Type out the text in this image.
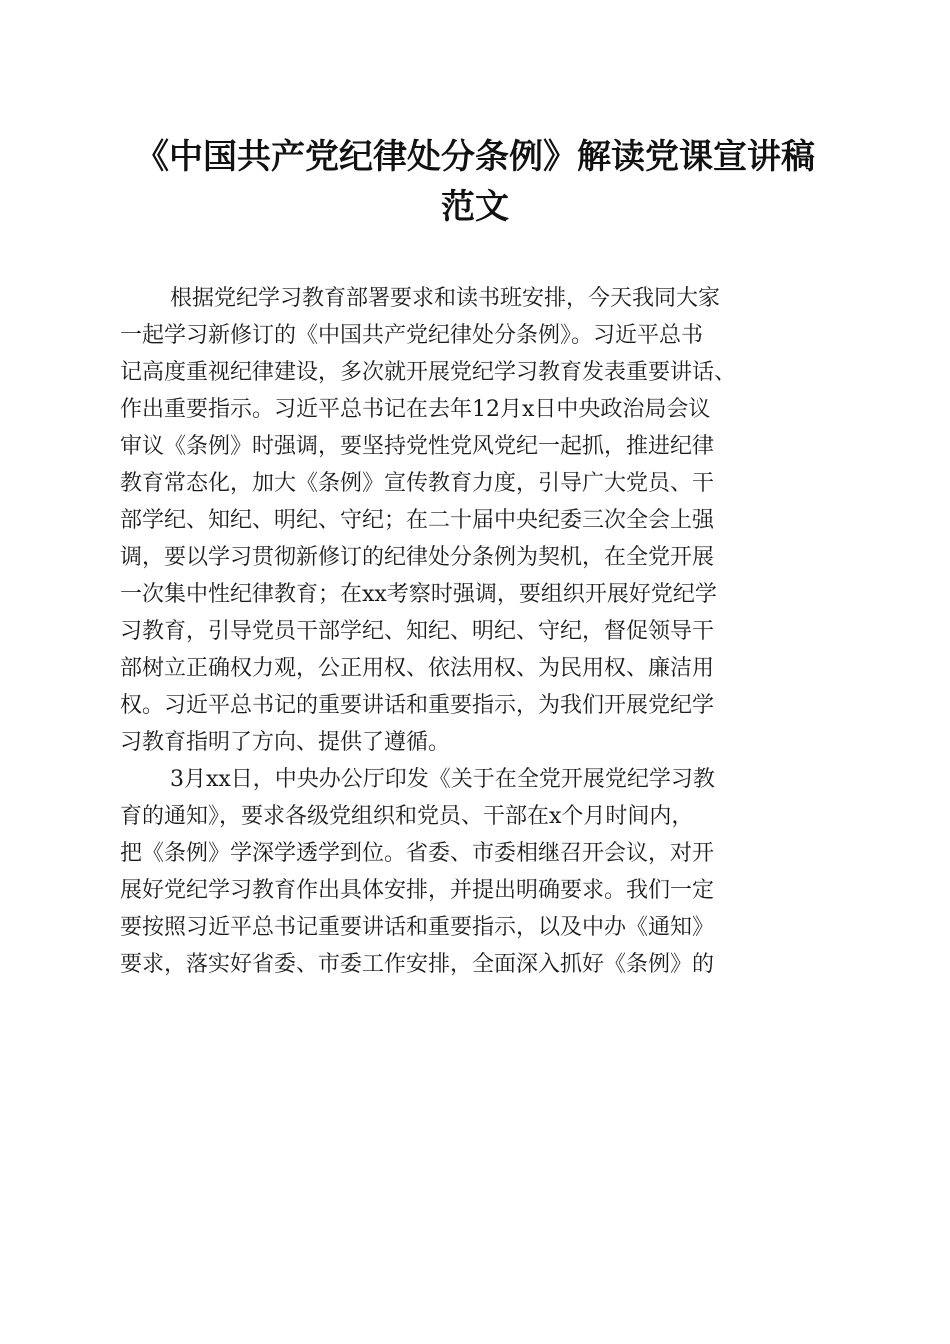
《中国共产党纪律处分条例》解读党课宣讲稿
范文
根据党纪学习教育部署要求和读书班安排，今天我同大家
一起学习新修订的《中国共产党纪律处分条例》。习近平总书
记高度重视纪律建设，多次就开展党纪学习教育发表重要讲话、
作出重要指示。习近平总书记在去年12月x日中央政治局会议
审议《条例》时强调，要坚持党性党风党纪一起抓，推进纪律
教育常态化，加大《条例》宣传教育力度，引导广大党员、干
部学纪、知纪、明纪、守纪；在二十届中央纪委三次全会上强
调，要以学习贯彻新修订的纪律处分条例为契机，在全党开展
一次集中性纪律教育；在xx考察时强调，要组织开展好党纪学
习教育，引导党员干部学纪、知纪、明纪、守纪，督促领导干
部树立正确权力观，公正用权、依法用权、为民用权、廉洁用
权。习近平总书记的重要讲话和重要指示，为我们开展党纪学
习教育指明了方向、提供了遵循。
3月xx日，中央办公厅印发《关于在全党开展党纪学习教
育的通知》，要求各级党组织和党员、干部在x个月时间内，
把《条例》学深学透学到位。省委、市委相继召开会议，对开
展好党纪学习教育作出具体安排，并提出明确要求。我们一定
要按照习近平总书记重要讲话和重要指示，以及中办《通知》
要求，落实好省委、市委工作安排，全面深入抓好《条例》的
